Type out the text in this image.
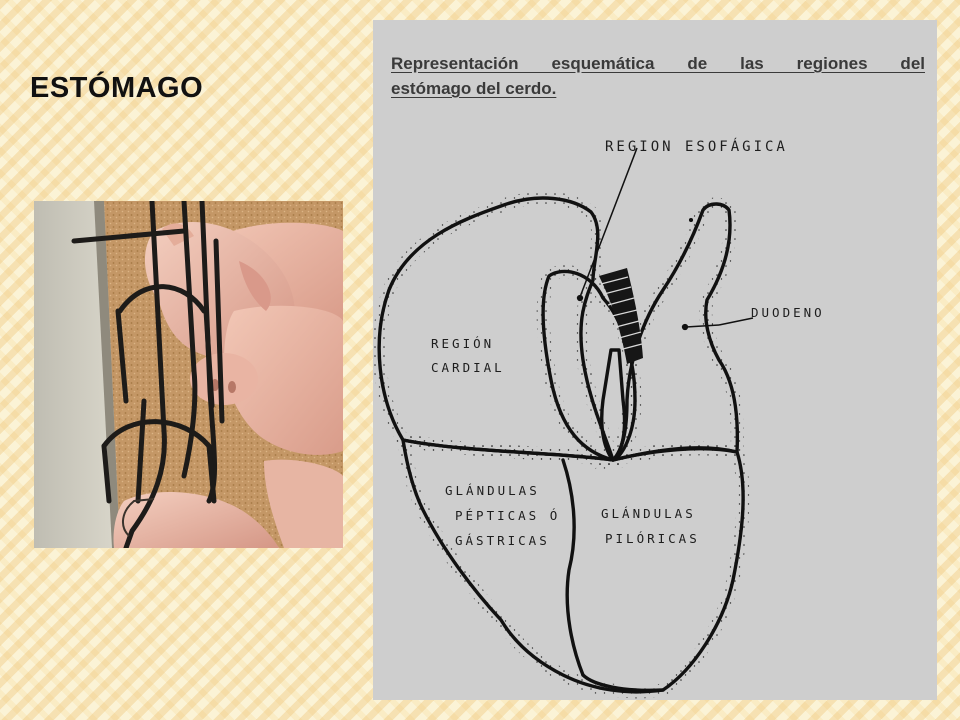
ESTÓMAGO
Representación esquemática de las regiones del
estómago del cerdo.
REGION ESOFÁGICA
DUODENO
REGIÓN
CARDIAL
GLÁNDULAS
PÉPTICAS Ó
GÁSTRICAS
GLÁNDULAS
PILÓRICAS
